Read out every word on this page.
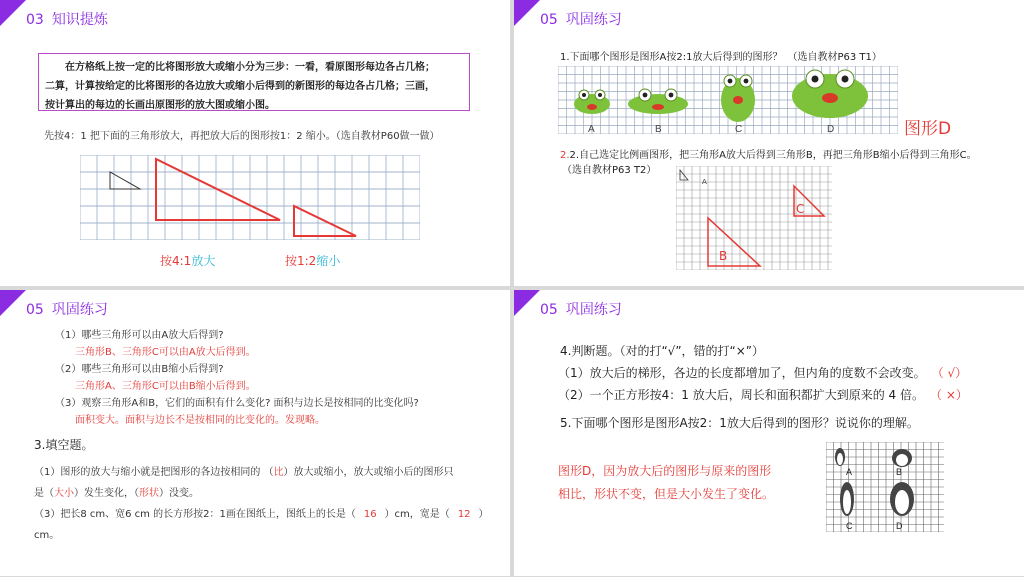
03 知识提炼
在方格纸上按一定的比将图形放大或缩小分为三步：一看，看原图形每边各占几格；
二算，计算按给定的比将图形的各边放大或缩小后得到的新图形的每边各占几格；三画，
按计算出的每边的长画出原图形的放大图或缩小图。
先按4：1 把下面的三角形放大，再把放大后的图形按1：2 缩小。（选自教材P60做一做）
按4:1放大	按1:2缩小
05 巩固练习
1.下面哪个图形是图形A按2:1放大后得到的图形？　（选自教材P63 T1）
A	B	C	D	图形D
2.2.自己选定比例画图形，把三角形A放大后得到三角形B，再把三角形B缩小后得到三角形C。
（选自教材P63 T2）
A
B
C
05 巩固练习
（1）哪些三角形可以由A放大后得到?
三角形B、三角形C可以由A放大后得到。
（2）哪些三角形可以由B缩小后得到?
三角形A、三角形C可以由B缩小后得到。
（3）观察三角形A和B，它们的面积有什么变化? 面积与边长是按相同的比变化吗?
面积变大。面积与边长不是按相同的比变化的。发现略。
3.填空题。
（1）图形的放大与缩小就是把图形的各边按相同的 （比）放大或缩小，放大或缩小后的图形只
是（大小）发生变化，（形状）没变。
（3）把长8 cm、宽6 cm 的长方形按2：1画在图纸上，图纸上的长是（ 16 ）cm，宽是（ 12 ）
cm。
05 巩固练习
4.判断题。（对的打“√”，错的打“×”）
（1）放大后的梯形，各边的长度都增加了，但内角的度数不会改变。 （ √）
（2）一个正方形按4：1 放大后，周长和面积都扩大到原来的 4 倍。 （ ×）
5.下面哪个图形是图形A按2：1放大后得到的图形？说说你的理解。
图形D，因为放大后的图形与原来的图形
相比，形状不变，但是大小发生了变化。
A	B
C	D
